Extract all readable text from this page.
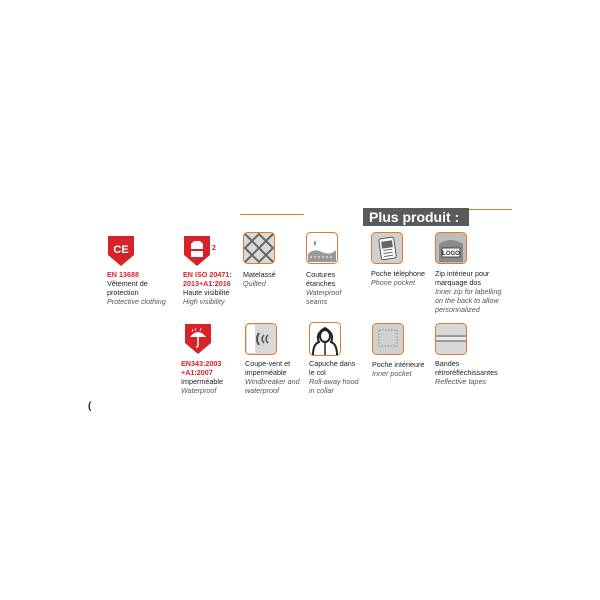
Plus produit :
CE
EN 13688
Vêtement de
protection
Protective clothing
2
EN ISO 20471:
2013+A1:2016
Haute visibilité
High visibility
EN343:2003
+A1:2007
Imperméable
Waterproof
Matelassé
Quilted
Coutures
étanches
Waterproof
seams
Poche téléphone
Phone pocket
LOGO
Zip intérieur pour
marquage dos
Inner zip for labelling
on the back to allow
personnalized
Coupe-vent et
imperméable
Windbreaker and
waterproof
Capuche dans
le col
Roll-away hood
in collar
Poche intérieure
Inner pocket
Bandes
rétroréfléchissantes
Reflective tapes
(
